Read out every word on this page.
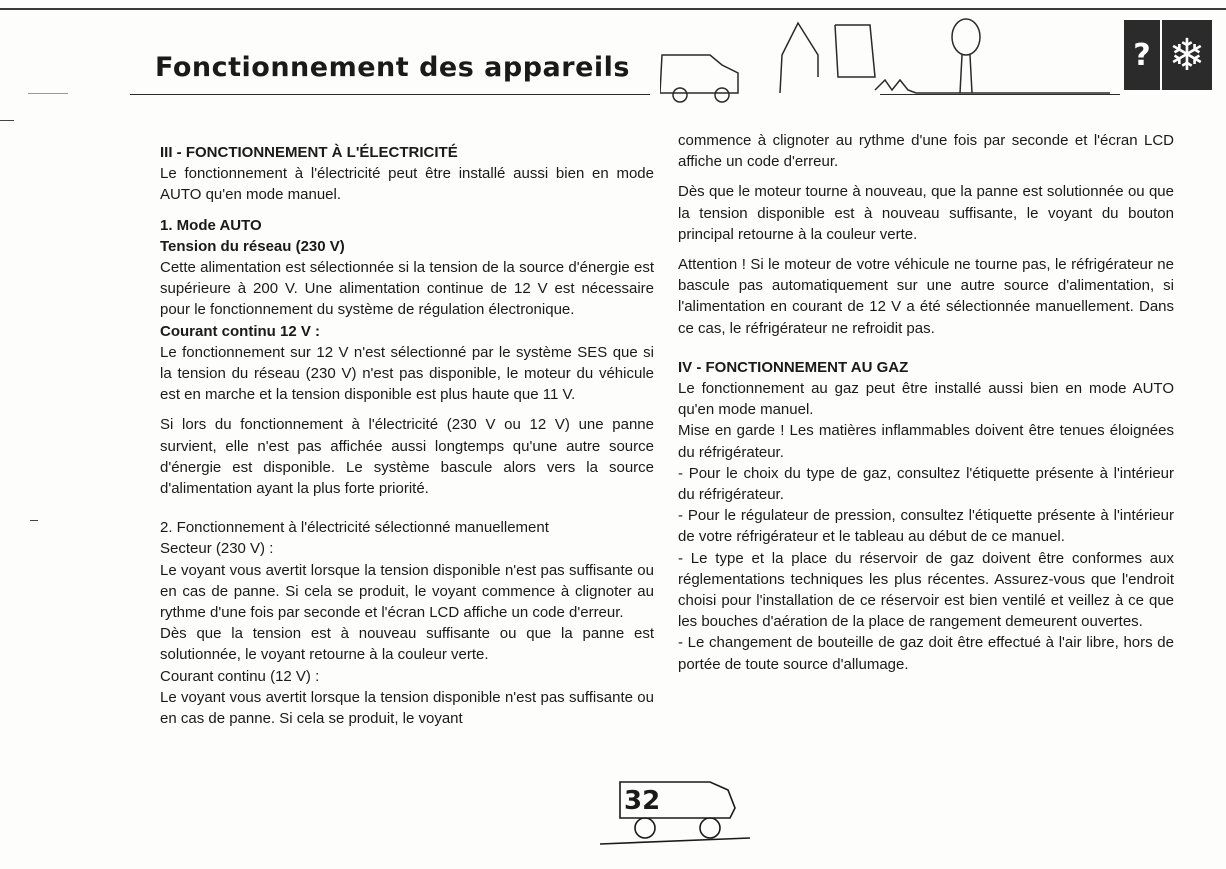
Fonctionnement des appareils	? ❄

III - FONCTIONNEMENT À L'ÉLECTRICITÉ

Le fonctionnement à l'électricité peut être installé aussi bien en mode AUTO qu'en mode manuel.

1. Mode AUTO

Tension du réseau (230 V)

Cette alimentation est sélectionnée si la tension de la source d'énergie est supérieure à 200 V. Une alimentation continue de 12 V est nécessaire pour le fonctionnement du système de régulation électronique.

Courant continu 12 V :

Le fonctionnement sur 12 V n'est sélectionné par le système SES que si la tension du réseau (230 V) n'est pas disponible, le moteur du véhicule est en marche et la tension disponible est plus haute que 11 V.

Si lors du fonctionnement à l'électricité (230 V ou 12 V) une panne survient, elle n'est pas affichée aussi longtemps qu'une autre source d'énergie est disponible. Le système bascule alors vers la source d'alimentation ayant la plus forte priorité.

2. Fonctionnement à l'électricité sélectionné manuellement

Secteur (230 V) :

Le voyant vous avertit lorsque la tension disponible n'est pas suffisante ou en cas de panne. Si cela se produit, le voyant commence à clignoter au rythme d'une fois par seconde et l'écran LCD affiche un code d'erreur.

Dès que la tension est à nouveau suffisante ou que la panne est solutionnée, le voyant retourne à la couleur verte.

Courant continu (12 V) :

Le voyant vous avertit lorsque la tension disponible n'est pas suffisante ou en cas de panne. Si cela se produit, le voyant

commence à clignoter au rythme d'une fois par seconde et l'écran LCD affiche un code d'erreur.

Dès que le moteur tourne à nouveau, que la panne est solutionnée ou que la tension disponible est à nouveau suffisante, le voyant du bouton principal retourne à la couleur verte.

Attention ! Si le moteur de votre véhicule ne tourne pas, le réfrigérateur ne bascule pas automatiquement sur une autre source d'alimentation, si l'alimentation en courant de 12 V a été sélectionnée manuellement. Dans ce cas, le réfrigérateur ne refroidit pas.

IV - FONCTIONNEMENT AU GAZ

Le fonctionnement au gaz peut être installé aussi bien en mode AUTO qu'en mode manuel.

Mise en garde ! Les matières inflammables doivent être tenues éloignées du réfrigérateur.

- Pour le choix du type de gaz, consultez l'étiquette présente à l'intérieur du réfrigérateur.

- Pour le régulateur de pression, consultez l'étiquette présente à l'intérieur de votre réfrigérateur et le tableau au début de ce manuel.

- Le type et la place du réservoir de gaz doivent être conformes aux réglementations techniques les plus récentes. Assurez-vous que l'endroit choisi pour l'installation de ce réservoir est bien ventilé et veillez à ce que les bouches d'aération de la place de rangement demeurent ouvertes.

- Le changement de bouteille de gaz doit être effectué à l'air libre, hors de portée de toute source d'allumage.

32
